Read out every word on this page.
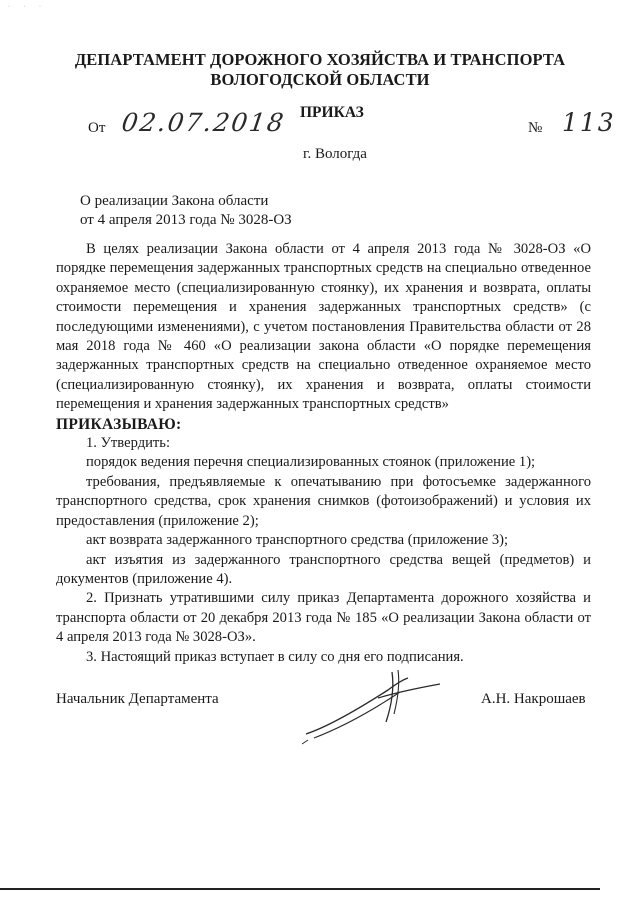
· · ·
ДЕПАРТАМЕНТ ДОРОЖНОГО ХОЗЯЙСТВА И ТРАНСПОРТА
ВОЛОГОДСКОЙ ОБЛАСТИ
ПРИКАЗ
От 02.07.2018	№ 113
г. Вологда
О реализации Закона области
от 4 апреля 2013 года № 3028-ОЗ

В целях реализации Закона области от 4 апреля 2013 года № 3028-ОЗ «О порядке перемещения задержанных транспортных средств на специально отведенное охраняемое место (специализированную стоянку), их хранения и возврата, оплаты стоимости перемещения и хранения задержанных транспортных средств» (с последующими изменениями), с учетом постановления Правительства области от 28 мая 2018 года № 460 «О реализации закона области «О порядке перемещения задержанных транспортных средств на специально отведенное охраняемое место (специализированную стоянку), их хранения и возврата, оплаты стоимости перемещения и хранения задержанных транспортных средств»

ПРИКАЗЫВАЮ:

1. Утвердить:

порядок ведения перечня специализированных стоянок (приложение 1);

требования, предъявляемые к опечатыванию при фотосъемке задержанного транспортного средства, срок хранения снимков (фотоизображений) и условия их предоставления (приложение 2);

акт возврата задержанного транспортного средства (приложение 3);

акт изъятия из задержанного транспортного средства вещей (предметов) и документов (приложение 4).

2. Признать утратившими силу приказ Департамента дорожного хозяйства и транспорта области от 20 декабря 2013 года № 185 «О реализации Закона области от 4 апреля 2013 года № 3028-ОЗ».

3. Настоящий приказ вступает в силу со дня его подписания.

Начальник Департамента	А.Н. Накрошаев
